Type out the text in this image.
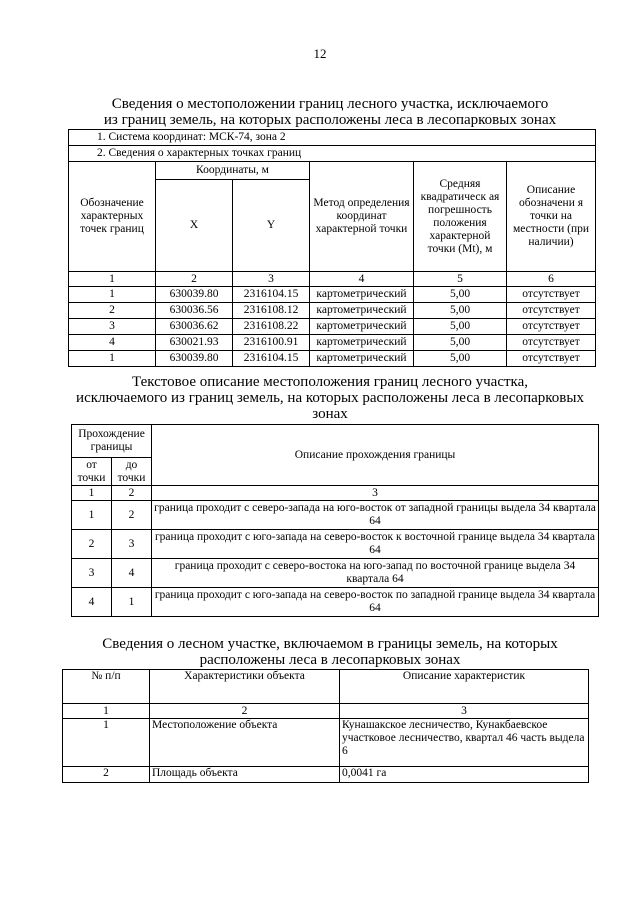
12
Сведения о местоположении границ лесного участка, исключаемого
из границ земель, на которых расположены леса в лесопарковых зонах
1. Система координат: МСК-74, зона 2					
2. Сведения о характерных точках границ					
Обозначение характерных точек границ	Координаты, м		Метод определения координат характерной точки	Средняя квадратическ ая погрешность положения характерной точки (Mt), м	Описание обозначени я точки на местности (при наличии)
	X	Y			
1	2	3	4	5	6
1	630039.80	2316104.15	картометрический	5,00	отсутствует
2	630036.56	2316108.12	картометрический	5,00	отсутствует
3	630036.62	2316108.22	картометрический	5,00	отсутствует
4	630021.93	2316100.91	картометрический	5,00	отсутствует
1	630039.80	2316104.15	картометрический	5,00	отсутствует
Текстовое описание местоположения границ лесного участка,
исключаемого из границ земель, на которых расположены леса в лесопарковых
зонах
Прохождение границы		Описание прохождения границы
от точки	до точки	
1	2	3
1	2	граница проходит с северо-запада на юго-восток от западной границы выдела 34 квартала 64
2	3	граница проходит с юго-запада на северо-восток к восточной границе выдела 34 квартала 64
3	4	граница проходит с северо-востока на юго-запад по восточной границе выдела 34 квартала 64
4	1	граница проходит с юго-запада на северо-восток по западной границе выдела 34 квартала 64
Сведения о лесном участке, включаемом в границы земель, на которых
расположены леса в лесопарковых зонах
№ п/п	Характеристики объекта	Описание характеристик
1	2	3
1	Местоположение объекта	Кунашакское лесничество, Кунакбаевское участковое лесничество, квартал 46 часть выдела 6
2	Площадь объекта	0,0041 га
